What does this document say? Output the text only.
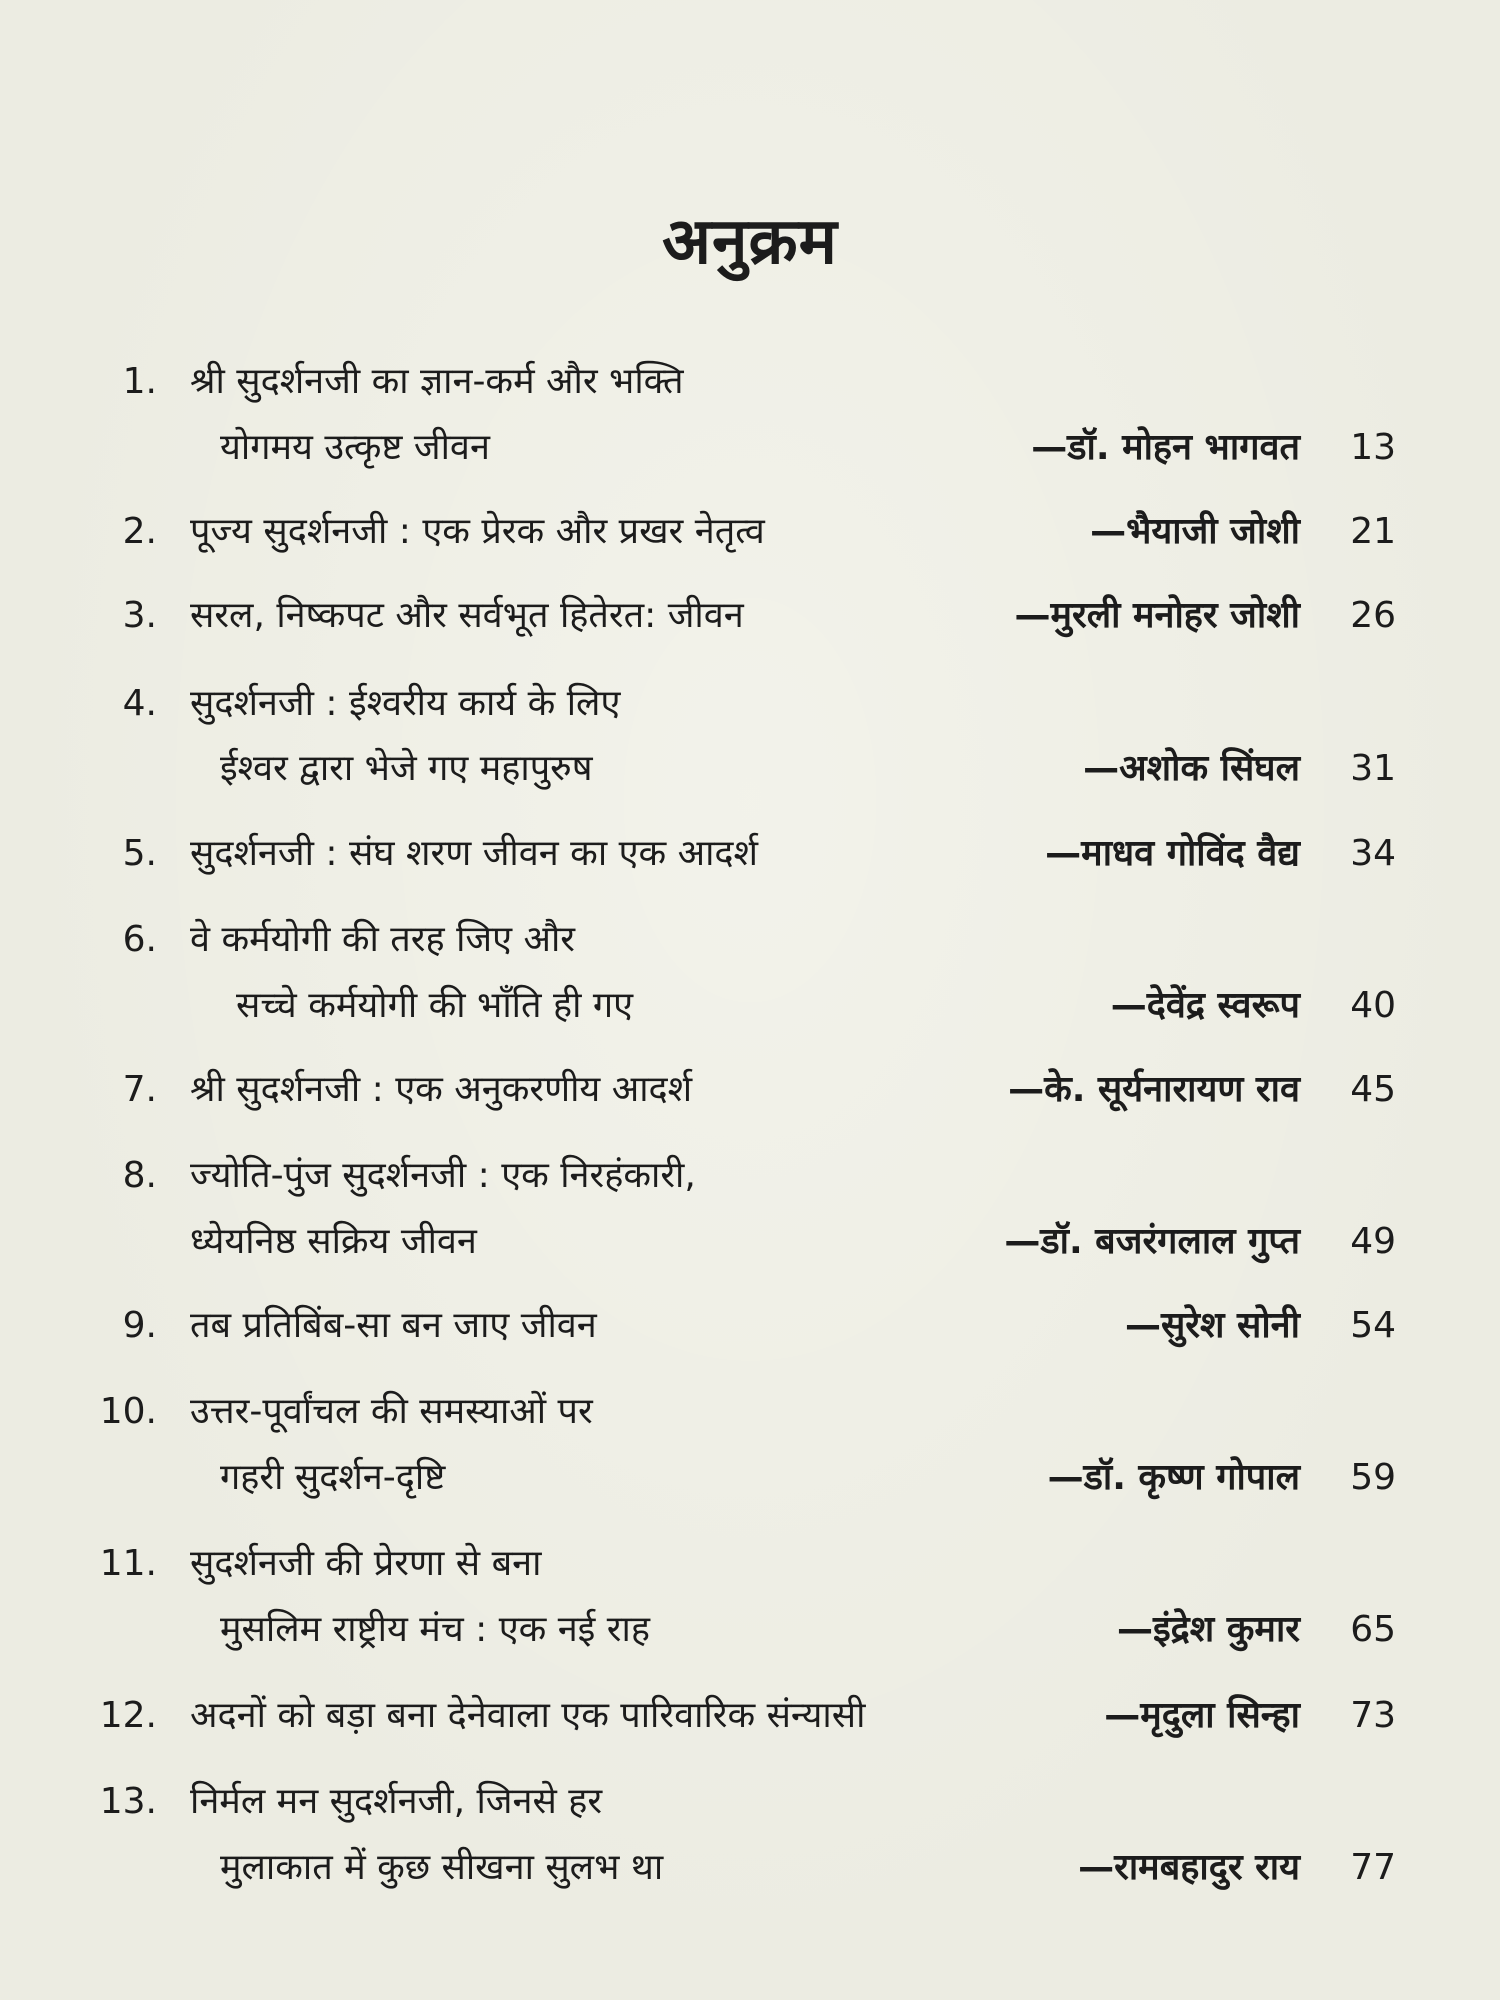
अनुक्रम
1. श्री सुदर्शनजी का ज्ञान-कर्म और भक्ति
योगमय उत्कृष्ट जीवन	—डॉ. मोहन भागवत 13
2. पूज्य सुदर्शनजी : एक प्रेरक और प्रखर नेतृत्व	—भैयाजी जोशी 21
3. सरल, निष्कपट और सर्वभूत हितेरत: जीवन	—मुरली मनोहर जोशी 26
4. सुदर्शनजी : ईश्वरीय कार्य के लिए
ईश्वर द्वारा भेजे गए महापुरुष	—अशोक सिंघल 31
5. सुदर्शनजी : संघ शरण जीवन का एक आदर्श	—माधव गोविंद वैद्य 34
6. वे कर्मयोगी की तरह जिए और
सच्चे कर्मयोगी की भाँति ही गए	—देवेंद्र स्वरूप 40
7. श्री सुदर्शनजी : एक अनुकरणीय आदर्श	—के. सूर्यनारायण राव 45
8. ज्योति-पुंज सुदर्शनजी : एक निरहंकारी,
ध्येयनिष्ठ सक्रिय जीवन	—डॉ. बजरंगलाल गुप्त 49
9. तब प्रतिबिंब-सा बन जाए जीवन	—सुरेश सोनी 54
10. उत्तर-पूर्वांचल की समस्याओं पर
गहरी सुदर्शन-दृष्टि	—डॉ. कृष्ण गोपाल 59
11. सुदर्शनजी की प्रेरणा से बना
मुसलिम राष्ट्रीय मंच : एक नई राह	—इंद्रेश कुमार 65
12. अदनों को बड़ा बना देनेवाला एक पारिवारिक संन्यासी	—मृदुला सिन्हा 73
13. निर्मल मन सुदर्शनजी, जिनसे हर
मुलाकात में कुछ सीखना सुलभ था	—रामबहादुर राय 77
